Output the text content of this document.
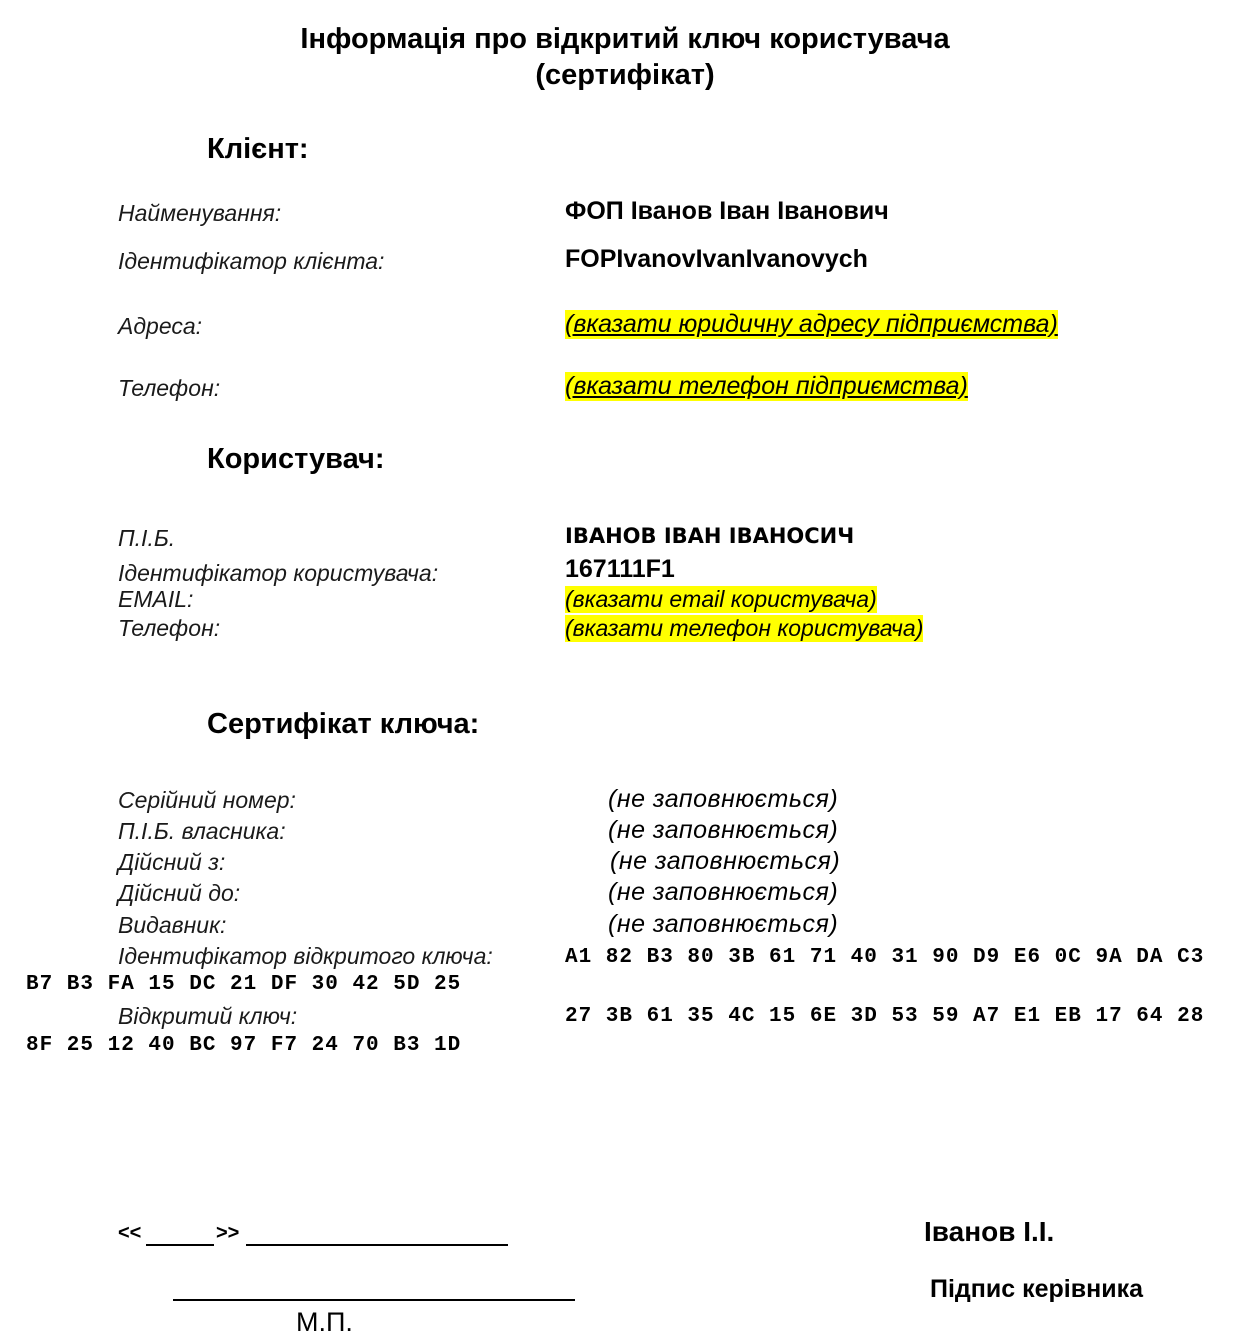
Інформація про відкритий ключ користувача
(сертифікат)
Клієнт:
Найменування:	ФОП Іванов Іван Іванович
Ідентифікатор клієнта:	FOPIvanovIvanIvanovych
Адреса:	(вказати юридичну адресу підприємства)
Телефон:	(вказати телефон підприємства)
Користувач:
П.І.Б.	ІВАНОВ ІВАН ІВАНОСИЧ
Ідентифікатор користувача:	167111F1
EMAIL:	(вказати email користувача)
Телефон:	(вказати телефон користувача)
Сертифікат ключа:
Серійний номер:	(не заповнюється)
П.І.Б. власника:	(не заповнюється)
Дійсний з:	(не заповнюється)
Дійсний до:	(не заповнюється)
Видавник:	(не заповнюється)
Ідентифікатор відкритого ключа:	A1 82 B3 80 3B 61 71 40 31 90 D9 E6 0C 9A DA C3
B7 B3 FA 15 DC 21 DF 30 42 5D 25
Відкритий ключ:	27 3B 61 35 4C 15 6E 3D 53 59 A7 E1 EB 17 64 28
8F 25 12 40 BC 97 F7 24 70 B3 1D
<<	>>
М.П.
Іванов І.І.
Підпис керівника
